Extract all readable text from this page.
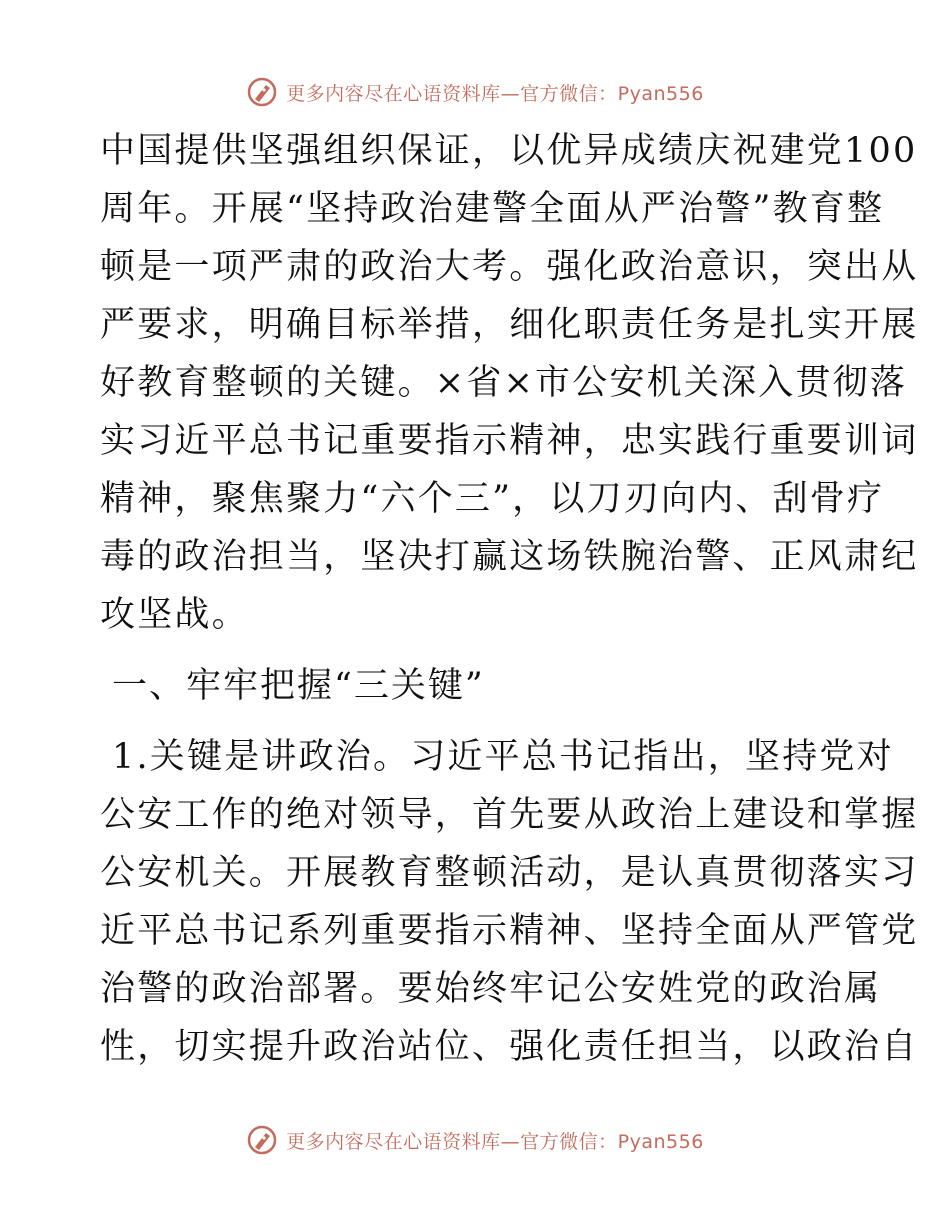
更多内容尽在心语资料库—官方微信：Pyan556
中国提供坚强组织保证，以优异成绩庆祝建党100
周年。开展“坚持政治建警全面从严治警”教育整
顿是一项严肃的政治大考。强化政治意识，突出从
严要求，明确目标举措，细化职责任务是扎实开展
好教育整顿的关键。×省×市公安机关深入贯彻落
实习近平总书记重要指示精神，忠实践行重要训词
精神，聚焦聚力“六个三”，以刀刃向内、刮骨疗
毒的政治担当，坚决打赢这场铁腕治警、正风肃纪
攻坚战。
一、牢牢把握“三关键”
1.关键是讲政治。习近平总书记指出，坚持党对
公安工作的绝对领导，首先要从政治上建设和掌握
公安机关。开展教育整顿活动，是认真贯彻落实习
近平总书记系列重要指示精神、坚持全面从严管党
治警的政治部署。要始终牢记公安姓党的政治属
性，切实提升政治站位、强化责任担当，以政治自
更多内容尽在心语资料库—官方微信：Pyan556
